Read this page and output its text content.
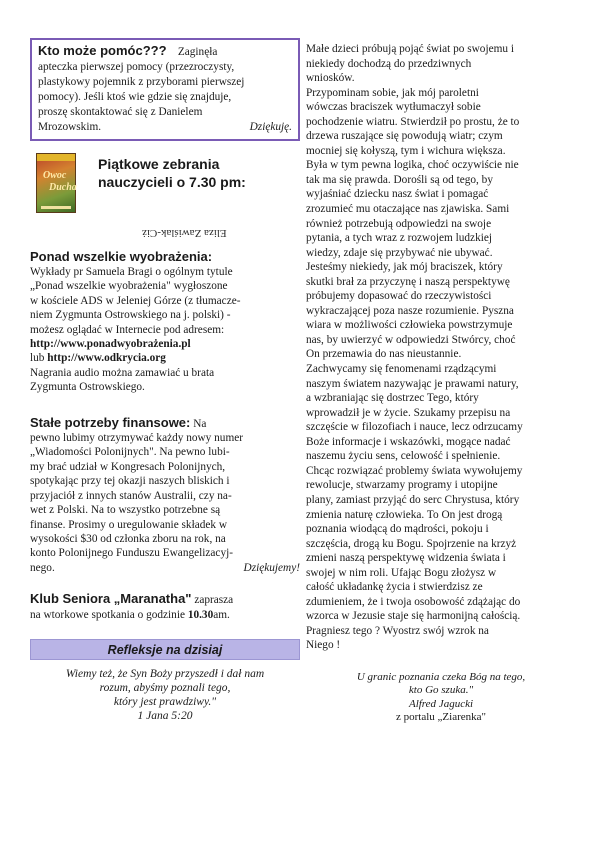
Kto może pomóc??? Zaginęła
apteczka pierwszej pomocy (przezroczysty,
plastykowy pojemnik z przyborami pierwszej
pomocy). Jeśli ktoś wie gdzie się znajduje,
proszę skontaktować się z Danielem
Mrozowskim.	Dziękuję.
Owoc
Ducha
Piątkowe zebrania
nauczycieli o 7.30 pm:
Eliza Zawiślak-Ciż
Ponad wszelkie wyobrażenia:
Wykłady pr Samuela Bragi o ogólnym tytule
„Ponad wszelkie wyobrażenia" wygłoszone
w kościele ADS w Jeleniej Górze (z tłumacze-
niem Zygmunta Ostrowskiego na j. polski) -
możesz oglądać w Internecie pod adresem:
http://www.ponadwyobrażenia.pl
lub http://www.odkrycia.org
Nagrania audio można zamawiać u brata
Zygmunta Ostrowskiego.
Stałe potrzeby finansowe: Na
pewno lubimy otrzymywać każdy nowy numer
„Wiadomości Polonijnych". Na pewno lubi-
my brać udział w Kongresach Polonijnych,
spotykając przy tej okazji naszych bliskich i
przyjaciół z innych stanów Australii, czy na-
wet z Polski. Na to wszystko potrzebne są
finanse. Prosimy o uregulowanie składek w
wysokości $30 od członka zboru na rok, na
konto Polonijnego Funduszu Ewangelizacyj-
nego.	Dziękujemy!
Klub Seniora „Maranatha" zaprasza
na wtorkowe spotkania o godzinie 10.30am.
Refleksje na dzisiaj
Wiemy też, że Syn Boży przyszedł i dał nam
rozum, abyśmy poznali tego,
który jest prawdziwy."
1 Jana 5:20
Małe dzieci próbują pojąć świat po swojemu i
niekiedy dochodzą do przedziwnych
wniosków.
Przypominam sobie, jak mój paroletni
wówczas braciszek wytłumaczył sobie
pochodzenie wiatru. Stwierdził po prostu, że to
drzewa ruszające się powodują wiatr; czym
mocniej się kołyszą, tym i wichura większa.
Była w tym pewna logika, choć oczywiście nie
tak ma się prawda. Dorośli są od tego, by
wyjaśniać dziecku nasz świat i pomagać
zrozumieć mu otaczające nas zjawiska. Sami
również potrzebują odpowiedzi na swoje
pytania, a tych wraz z rozwojem ludzkiej
wiedzy, zdaje się przybywać nie ubywać.
Jesteśmy niekiedy, jak mój braciszek, który
skutki brał za przyczynę i naszą perspektywę
próbujemy dopasować do rzeczywistości
wykraczającej poza nasze rozumienie. Pyszna
wiara w możliwości człowieka powstrzymuje
nas, by uwierzyć w odpowiedzi Stwórcy, choć
On przemawia do nas nieustannie.
Zachwycamy się fenomenami rządzącymi
naszym światem nazywając je prawami natury,
a wzbraniając się dostrzec Tego, który
wprowadził je w życie. Szukamy przepisu na
szczęście w filozofiach i nauce, lecz odrzucamy
Boże informacje i wskazówki, mogące nadać
naszemu życiu sens, celowość i spełnienie.
Chcąc rozwiązać problemy świata wywołujemy
rewolucje, stwarzamy programy i utopijne
plany, zamiast przyjąć do serc Chrystusa, który
zmienia naturę człowieka. To On jest drogą
poznania wiodącą do mądrości, pokoju i
szczęścia, drogą ku Bogu. Spojrzenie na krzyż
zmieni naszą perspektywę widzenia świata i
swojej w nim roli. Ufając Bogu złożysz w
całość układankę życia i stwierdzisz ze
zdumieniem, że i twoja osobowość zdążając do
wzorca w Jezusie staje się harmonijną całością.
Pragniesz tego ? Wyostrz swój wzrok na
Niego !
U granic poznania czeka Bóg na tego,
kto Go szuka."
Alfred Jagucki
z portalu „Ziarenka"
